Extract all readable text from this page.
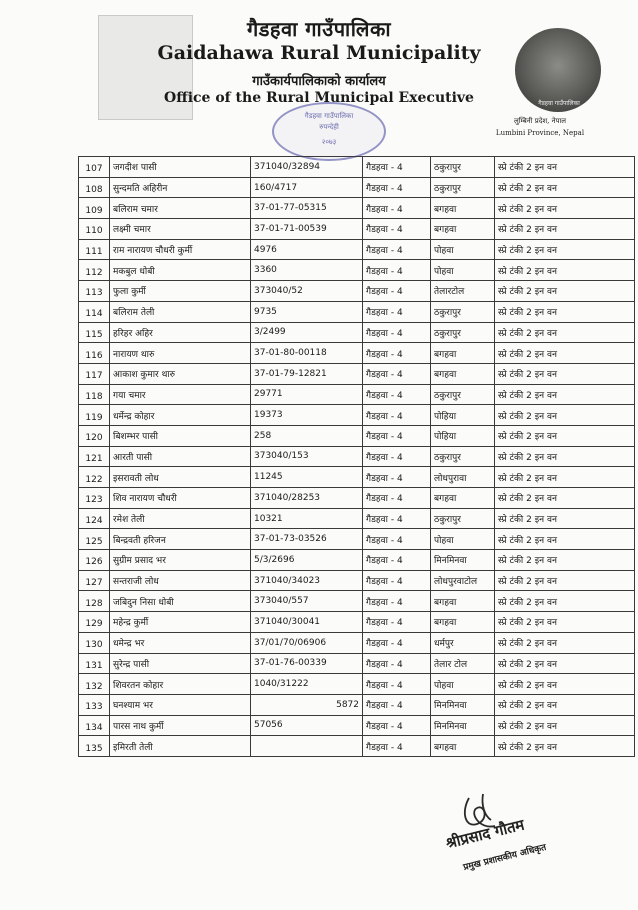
गैडहवा गाउँपालिका
गैडहवा गाउँपालिका
Gaidahawa Rural Municipality
गाउँकार्यपालिकाको कार्यालय
Office of the Rural Municipal Executive
लुम्बिनी प्रदेश, नेपाल
Lumbini Province, Nepal
गैडहवा गाउँपालिका
रुपन्देही
२०७३
107	जगदीश पासी	371040/32894	गैडहवा - 4	ठकुरापुर	स्प्रे टंकी 2 इन वन
108	सुन्दमति अहिरीन	160/4717	गैडहवा - 4	ठकुरापुर	स्प्रे टंकी 2 इन वन
109	बलिराम चमार	37-01-77-05315	गैडहवा - 4	बगहवा	स्प्रे टंकी 2 इन वन
110	लक्ष्मी चमार	37-01-71-00539	गैडहवा - 4	बगहवा	स्प्रे टंकी 2 इन वन
111	राम नारायण चौधरी कुर्मी	4976	गैडहवा - 4	पोहवा	स्प्रे टंकी 2 इन वन
112	मकबुल धोबी	3360	गैडहवा - 4	पोहवा	स्प्रे टंकी 2 इन वन
113	फुला कुर्मी	373040/52	गैडहवा - 4	तेलारटोल	स्प्रे टंकी 2 इन वन
114	बलिराम तेली	9735	गैडहवा - 4	ठकुरापुर	स्प्रे टंकी 2 इन वन
115	हरिहर अहिर	3/2499	गैडहवा - 4	ठकुरापुर	स्प्रे टंकी 2 इन वन
116	नारायण थारु	37-01-80-00118	गैडहवा - 4	बगहवा	स्प्रे टंकी 2 इन वन
117	आकाश कुमार थारु	37-01-79-12821	गैडहवा - 4	बगहवा	स्प्रे टंकी 2 इन वन
118	गया चमार	29771	गैडहवा - 4	ठकुरापुर	स्प्रे टंकी 2 इन वन
119	धर्मेन्द्र कोहार	19373	गैडहवा - 4	पोहिया	स्प्रे टंकी 2 इन वन
120	बिशम्भर पासी	258	गैडहवा - 4	पोहिया	स्प्रे टंकी 2 इन वन
121	आरती पासी	373040/153	गैडहवा - 4	ठकुरापुर	स्प्रे टंकी 2 इन वन
122	इसरावती लोध	11245	गैडहवा - 4	लोधपुरावा	स्प्रे टंकी 2 इन वन
123	शिव नारायण चौधरी	371040/28253	गैडहवा - 4	बगहवा	स्प्रे टंकी 2 इन वन
124	रमेश तेली	10321	गैडहवा - 4	ठकुरापुर	स्प्रे टंकी 2 इन वन
125	बिन्द्रवती हरिजन	37-01-73-03526	गैडहवा - 4	पोहवा	स्प्रे टंकी 2 इन वन
126	सुग्रीम प्रसाद भर	5/3/2696	गैडहवा - 4	मिनमिनवा	स्प्रे टंकी 2 इन वन
127	सन्तराजी लोध	371040/34023	गैडहवा - 4	लोधपुरवाटोल	स्प्रे टंकी 2 इन वन
128	जबिदुन निसा धोबी	373040/557	गैडहवा - 4	बगहवा	स्प्रे टंकी 2 इन वन
129	महेन्द्र कुर्मी	371040/30041	गैडहवा - 4	बगहवा	स्प्रे टंकी 2 इन वन
130	धमेन्द्र भर	37/01/70/06906	गैडहवा - 4	धर्मपुर	स्प्रे टंकी 2 इन वन
131	सुरेन्द्र पासी	37-01-76-00339	गैडहवा - 4	तेलार टोल	स्प्रे टंकी 2 इन वन
132	शिवरतन कोहार	1040/31222	गैडहवा - 4	पोहवा	स्प्रे टंकी 2 इन वन
133	घनश्याम भर	5872	गैडहवा - 4	मिनमिनवा	स्प्रे टंकी 2 इन वन
134	पारस नाथ कुर्मी	57056	गैडहवा - 4	मिनमिनवा	स्प्रे टंकी 2 इन वन
135	इमिरती तेली		गैडहवा - 4	बगहवा	स्प्रे टंकी 2 इन वन
श्रीप्रसाद गौतम
प्रमुख प्रशासकीय अधिकृत
